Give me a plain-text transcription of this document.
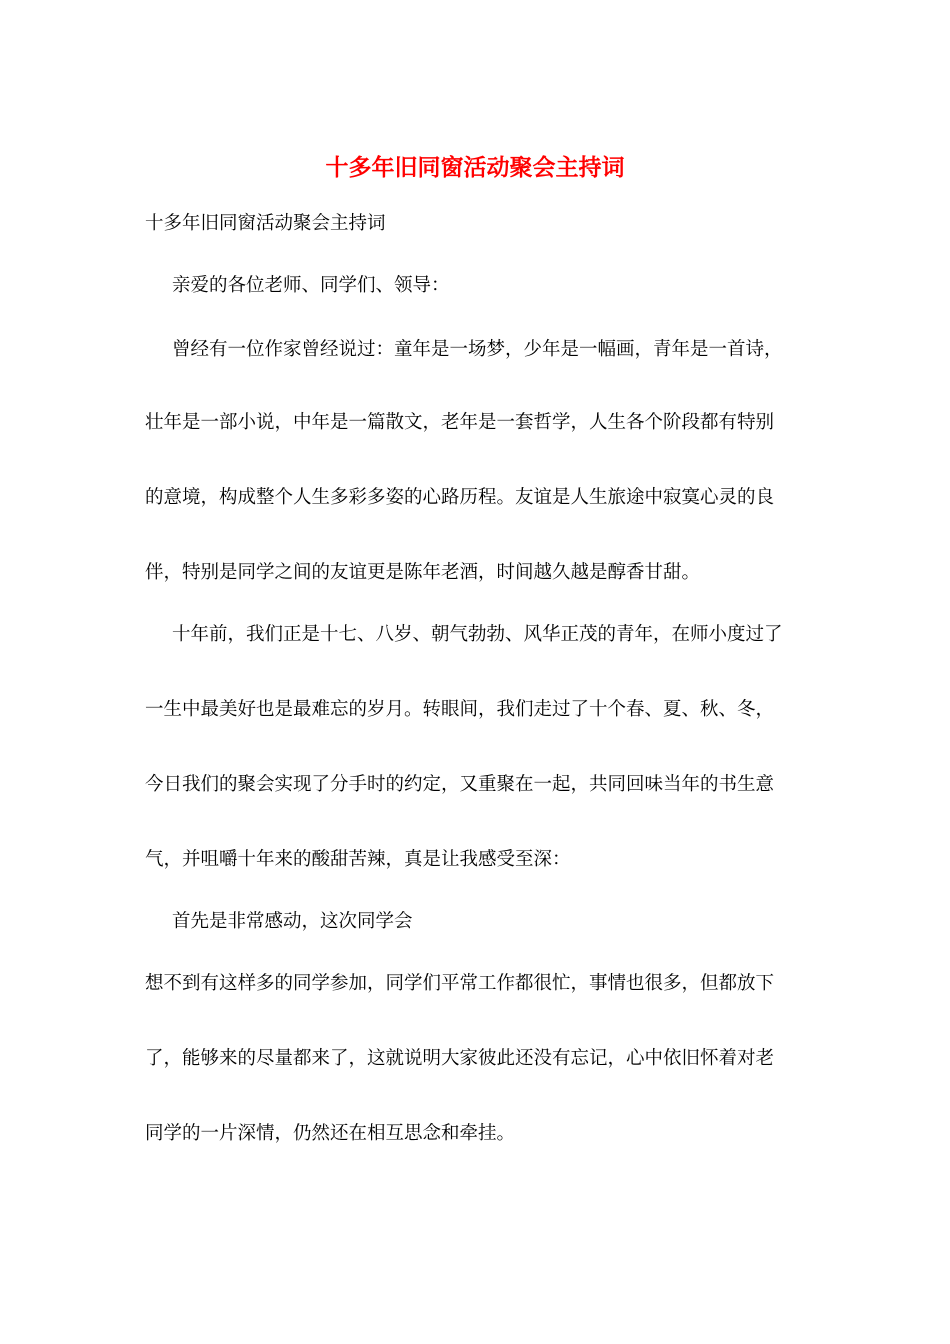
十多年旧同窗活动聚会主持词
十多年旧同窗活动聚会主持词
亲爱的各位老师、同学们、领导：
曾经有一位作家曾经说过：童年是一场梦，少年是一幅画，青年是一首诗，
壮年是一部小说，中年是一篇散文，老年是一套哲学，人生各个阶段都有特别
的意境，构成整个人生多彩多姿的心路历程。友谊是人生旅途中寂寞心灵的良
伴，特别是同学之间的友谊更是陈年老酒，时间越久越是醇香甘甜。
十年前，我们正是十七、八岁、朝气勃勃、风华正茂的青年，在师小度过了
一生中最美好也是最难忘的岁月。转眼间，我们走过了十个春、夏、秋、冬，
今日我们的聚会实现了分手时的约定，又重聚在一起，共同回味当年的书生意
气，并咀嚼十年来的酸甜苦辣，真是让我感受至深：
首先是非常感动，这次同学会
想不到有这样多的同学参加，同学们平常工作都很忙，事情也很多，但都放下
了，能够来的尽量都来了，这就说明大家彼此还没有忘记，心中依旧怀着对老
同学的一片深情，仍然还在相互思念和牵挂。
